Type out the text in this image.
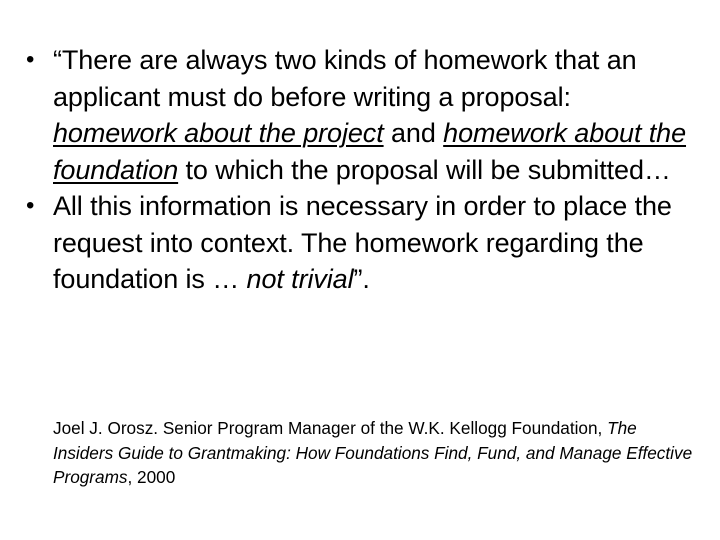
• “There are always two kinds of homework that an applicant must do before writing a proposal: homework about the project and homework about the foundation to which the proposal will be submitted…
• All this information is necessary in order to place the request into context. The homework regarding the foundation is … not trivial”.
Joel J. Orosz. Senior Program Manager of the W.K. Kellogg Foundation, The Insiders Guide to Grantmaking: How Foundations Find, Fund, and Manage Effective Programs, 2000
